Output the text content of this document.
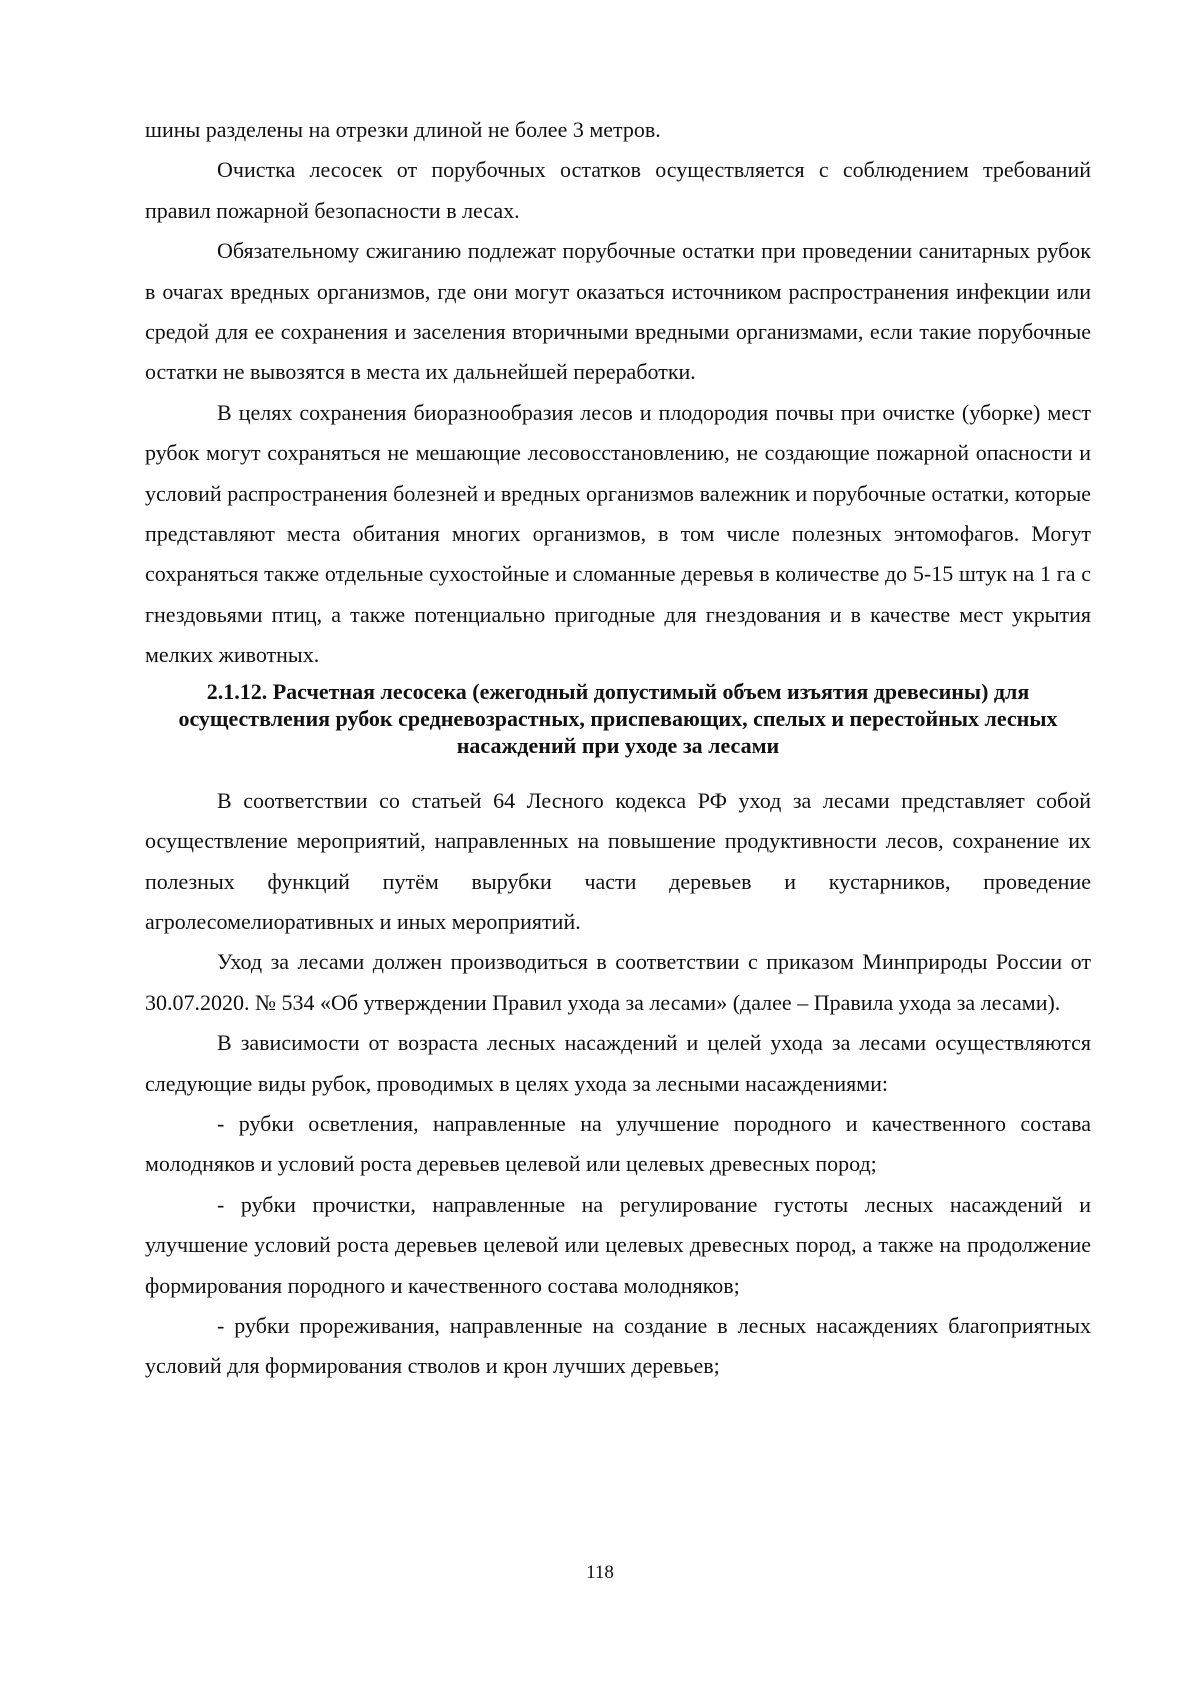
шины разделены на отрезки длиной не более 3 метров.

Очистка лесосек от порубочных остатков осуществляется с соблюдением требований правил пожарной безопасности в лесах.

Обязательному сжиганию подлежат порубочные остатки при проведении санитарных рубок в очагах вредных организмов, где они могут оказаться источником распространения инфекции или средой для ее сохранения и заселения вторичными вредными организмами, если такие порубочные остатки не вывозятся в места их дальнейшей переработки.

В целях сохранения биоразнообразия лесов и плодородия почвы при очистке (уборке) мест рубок могут сохраняться не мешающие лесовосстановлению, не создающие пожарной опасности и условий распространения болезней и вредных организмов валежник и порубочные остатки, которые представляют места обитания многих организмов, в том числе полезных энтомофагов. Могут сохраняться также отдельные сухостойные и сломанные деревья в количестве до 5-15 штук на 1 га с гнездовьями птиц, а также потенциально пригодные для гнездования и в качестве мест укрытия мелких животных.

2.1.12. Расчетная лесосека (ежегодный допустимый объем изъятия древесины) для осуществления рубок средневозрастных, приспевающих, спелых и перестойных лесных насаждений при уходе за лесами

В соответствии со статьей 64 Лесного кодекса РФ уход за лесами представляет собой осуществление мероприятий, направленных на повышение продуктивности лесов, сохранение их полезных функций путём вырубки части деревьев и кустарников, проведение агролесомелиоративных и иных мероприятий.

Уход за лесами должен производиться в соответствии с приказом Минприроды России от 30.07.2020. № 534 «Об утверждении Правил ухода за лесами» (далее – Правила ухода за лесами).

В зависимости от возраста лесных насаждений и целей ухода за лесами осуществляются следующие виды рубок, проводимых в целях ухода за лесными насаждениями:

- рубки осветления, направленные на улучшение породного и качественного состава молодняков и условий роста деревьев целевой или целевых древесных пород;

- рубки прочистки, направленные на регулирование густоты лесных насаждений и улучшение условий роста деревьев целевой или целевых древесных пород, а также на продолжение формирования породного и качественного состава молодняков;

- рубки прореживания, направленные на создание в лесных насаждениях благоприятных условий для формирования стволов и крон лучших деревьев;

118
